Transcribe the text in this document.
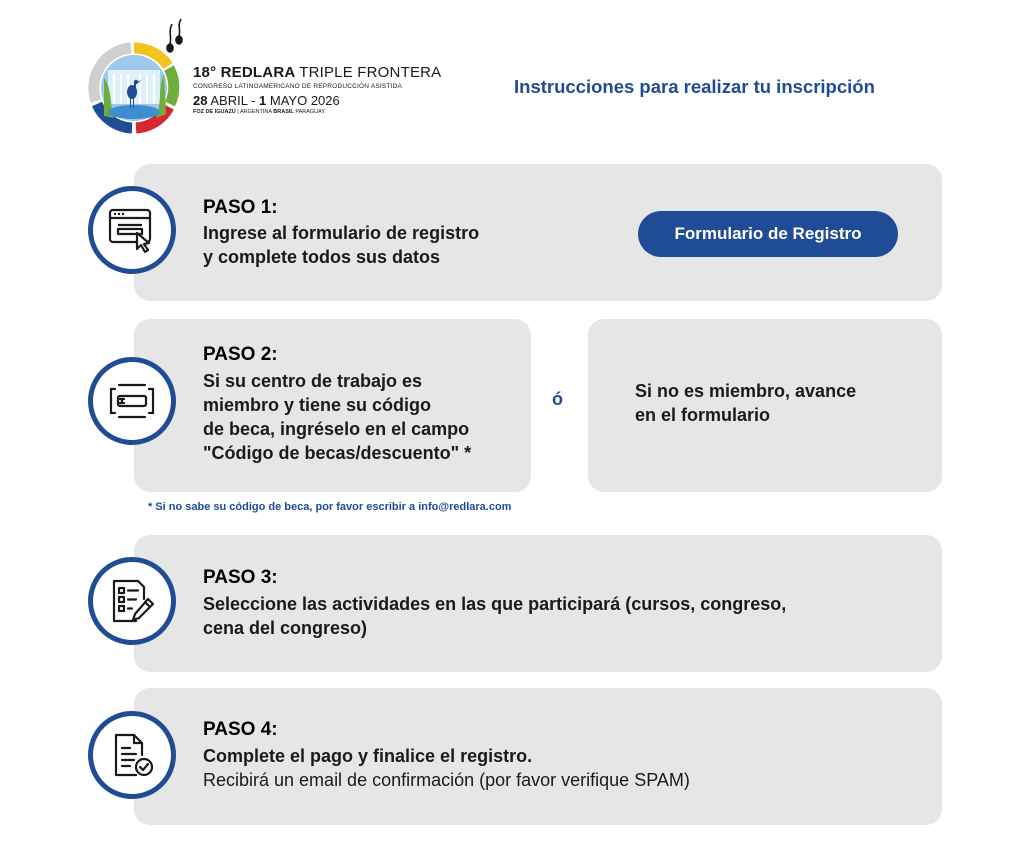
18° REDLARA TRIPLE FRONTERA
CONGRESO LATINOAMERICANO DE REPRODUCCIÓN ASISTIDA
28 ABRIL - 1 MAYO 2026
FOZ DE IGUAZÚ | ARGENTINA BRASIL PARAGUAY
Instrucciones para realizar tu inscripción
PASO 1:
Ingrese al formulario de registro
y complete todos sus datos
Formulario de Registro
PASO 2:
Si su centro de trabajo es
miembro y tiene su código
de beca, ingréselo en el campo
"Código de becas/descuento" *
ó	Si no es miembro, avance
en el formulario
* Si no sabe su código de beca, por favor escribir a info@redlara.com
PASO 3:
Seleccione las actividades en las que participará (cursos, congreso,
cena del congreso)
PASO 4:
Complete el pago y finalice el registro.
Recibirá un email de confirmación (por favor verifique SPAM)
